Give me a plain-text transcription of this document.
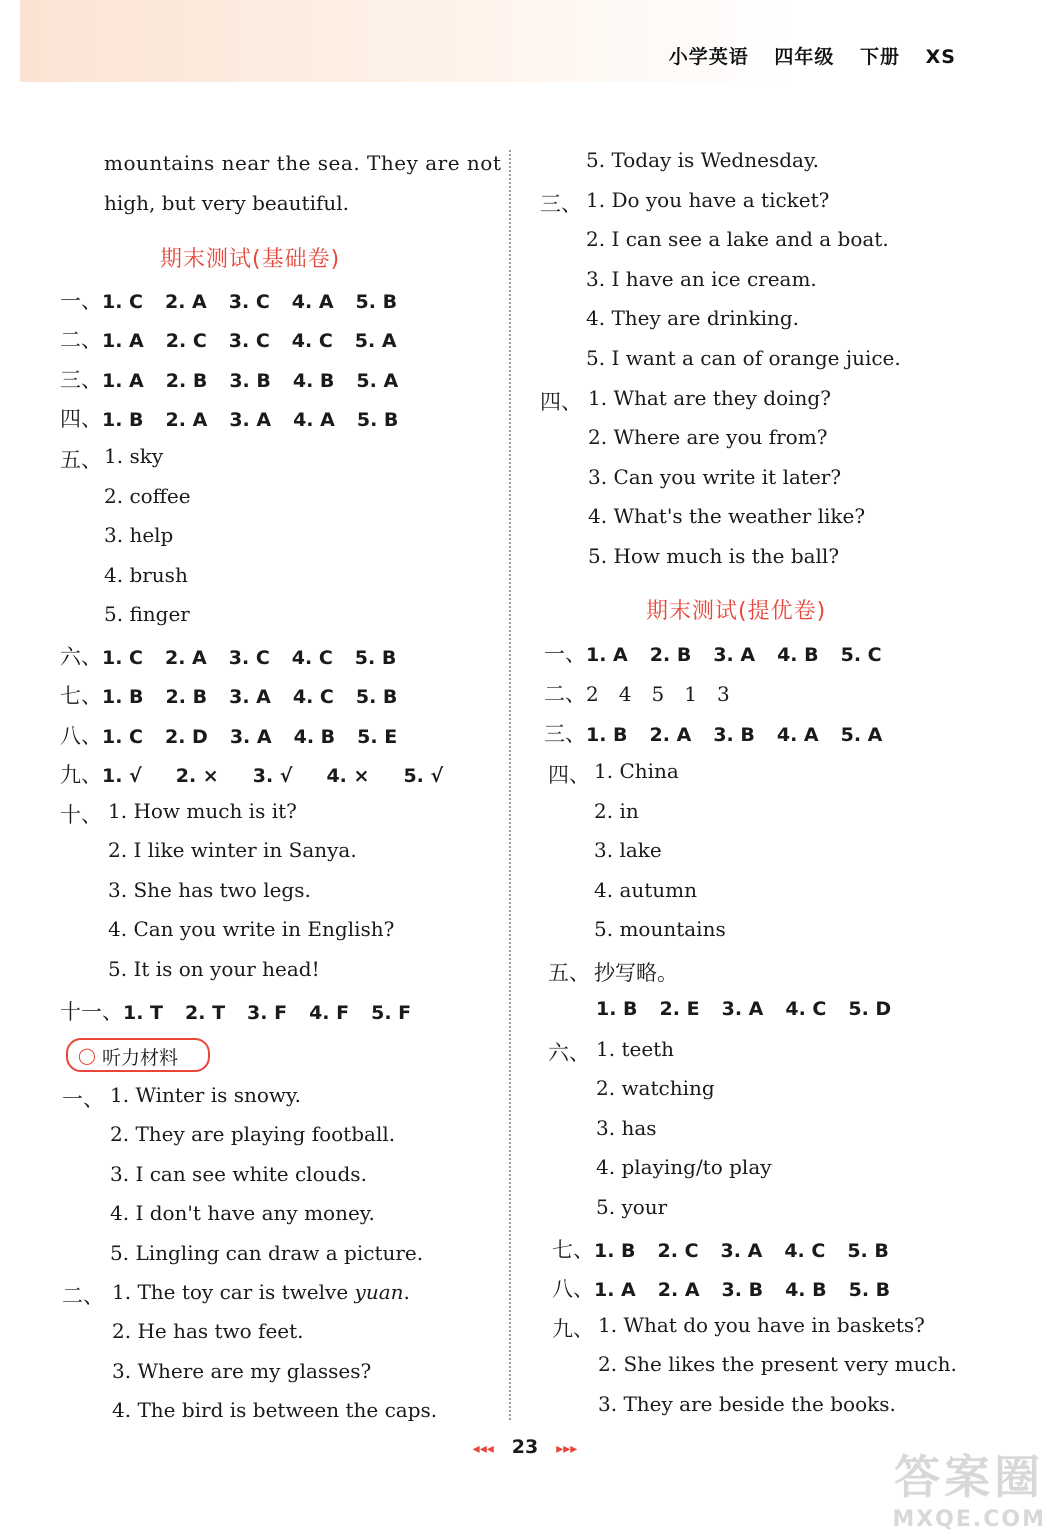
小学英语 四年级 下册 XS
mountains near the sea. They are not
high, but very beautiful.
期末测试(基础卷)
一、1. C 2. A 3. C 4. A 5. B
二、1. A 2. C 3. C 4. C 5. A
三、1. A 2. B 3. B 4. B 5. A
四、1. B 2. A 3. A 4. A 5. B
五、 1. sky
2. coffee
3. help
4. brush
5. finger
六、1. C 2. A 3. C 4. C 5. B
七、1. B 2. B 3. A 4. C 5. B
八、1. C 2. D 3. A 4. B 5. E
九、1. √ 2. × 3. √ 4. × 5. √
十、 1. How much is it?
2. I like winter in Sanya.
3. She has two legs.
4. Can you write in English?
5. It is on your head!
十一、1. T 2. T 3. F 4. F 5. F
◯ 听力材料
一、 1. Winter is snowy.
2. They are playing football.
3. I can see white clouds.
4. I don't have any money.
5. Lingling can draw a picture.
二、 1. The toy car is twelve yuan.
2. He has two feet.
3. Where are my glasses?
4. The bird is between the caps.
5. Today is Wednesday.
三、 1. Do you have a ticket?
2. I can see a lake and a boat.
3. I have an ice cream.
4. They are drinking.
5. I want a can of orange juice.
四、 1. What are they doing?
2. Where are you from?
3. Can you write it later?
4. What's the weather like?
5. How much is the ball?
期末测试(提优卷)
一、1. A 2. B 3. A 4. B 5. C
二、2 4 5 1 3
三、1. B 2. A 3. B 4. A 5. A
四、 1. China
2. in
3. lake
4. autumn
5. mountains
五、 抄写略。
1. B 2. E 3. A 4. C 5. D
六、 1. teeth
2. watching
3. has
4. playing/to play
5. your
七、1. B 2. C 3. A 4. C 5. B
八、1. A 2. A 3. B 4. B 5. B
九、 1. What do you have in baskets?
2. She likes the present very much.
3. They are beside the books.
◂◂◂ 23 ▸▸▸
答案圈
MXQE.COM
